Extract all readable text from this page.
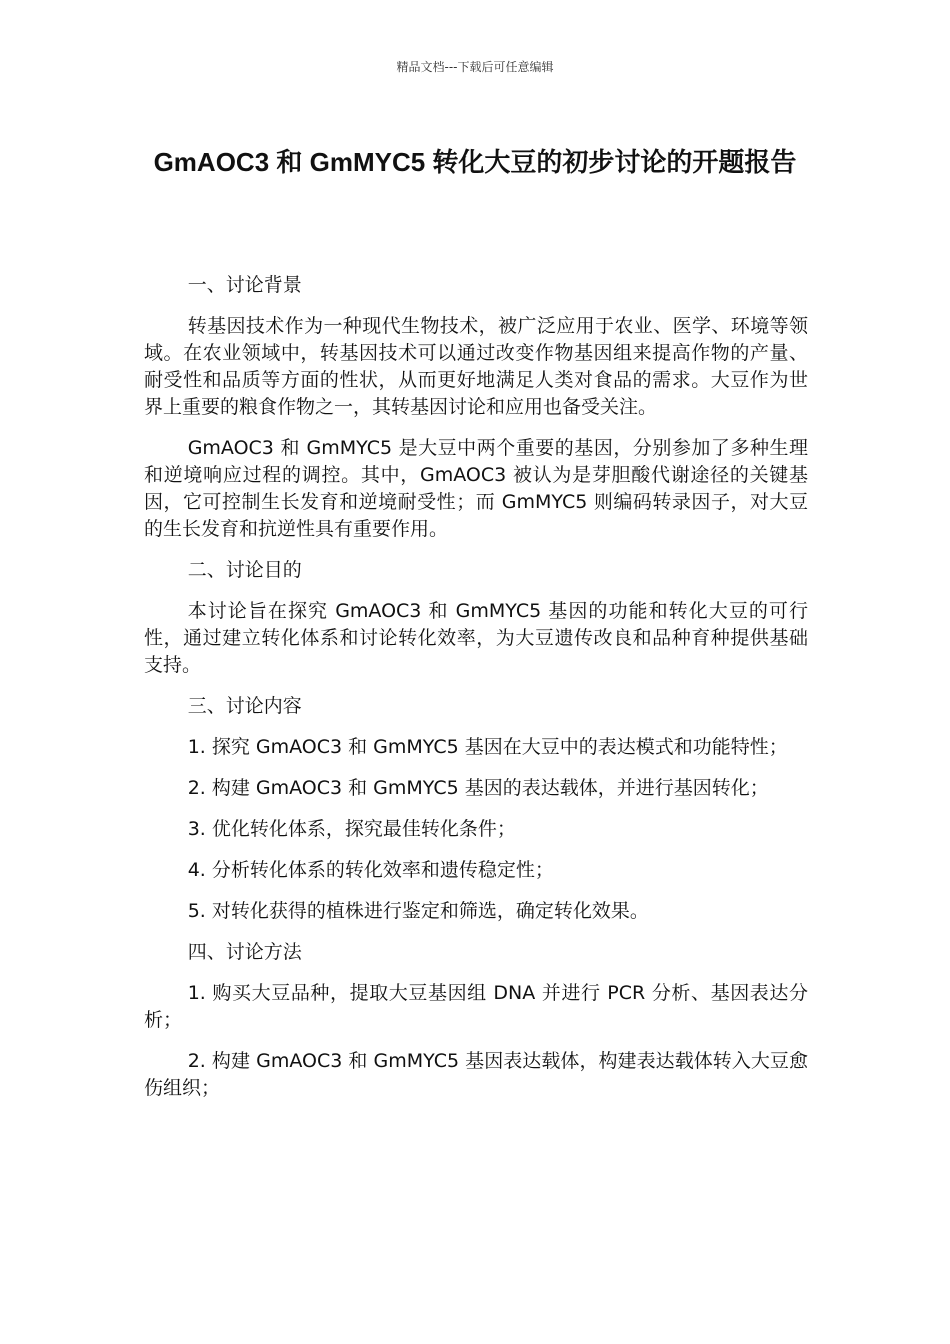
精品文档---下载后可任意编辑
GmAOC3 和 GmMYC5 转化大豆的初步讨论的开题报告

一、讨论背景

转基因技术作为一种现代生物技术，被广泛应用于农业、医学、环境等领域。在农业领域中，转基因技术可以通过改变作物基因组来提高作物的产量、耐受性和品质等方面的性状，从而更好地满足人类对食品的需求。大豆作为世界上重要的粮食作物之一，其转基因讨论和应用也备受关注。

GmAOC3 和 GmMYC5 是大豆中两个重要的基因，分别参加了多种生理和逆境响应过程的调控。其中，GmAOC3 被认为是芽胆酸代谢途径的关键基因，它可控制生长发育和逆境耐受性；而 GmMYC5 则编码转录因子，对大豆的生长发育和抗逆性具有重要作用。

二、讨论目的

本讨论旨在探究 GmAOC3 和 GmMYC5 基因的功能和转化大豆的可行性，通过建立转化体系和讨论转化效率，为大豆遗传改良和品种育种提供基础支持。

三、讨论内容

1. 探究 GmAOC3 和 GmMYC5 基因在大豆中的表达模式和功能特性；

2. 构建 GmAOC3 和 GmMYC5 基因的表达载体，并进行基因转化；

3. 优化转化体系，探究最佳转化条件；

4. 分析转化体系的转化效率和遗传稳定性；

5. 对转化获得的植株进行鉴定和筛选，确定转化效果。

四、讨论方法

1. 购买大豆品种，提取大豆基因组 DNA 并进行 PCR 分析、基因表达分析；

2. 构建 GmAOC3 和 GmMYC5 基因表达载体，构建表达载体转入大豆愈伤组织；
